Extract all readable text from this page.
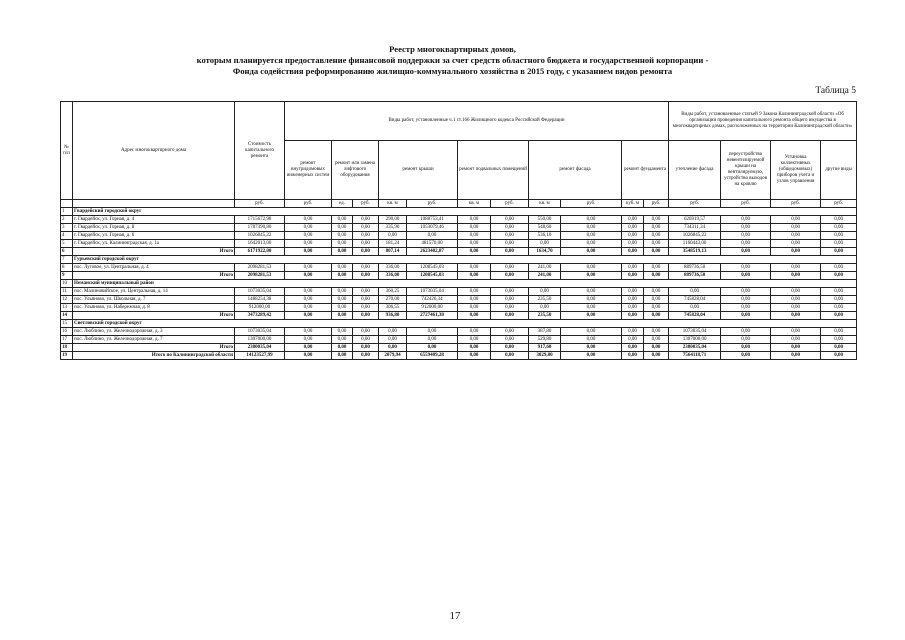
Реестр многоквартирных домов,
которым планируется предоставление финансовой поддержки за счет средств областного бюджета и государственной корпорации -
Фонда содействия реформированию жилищно-коммунального хозяйства в 2015 году, с указанием видов ремонта
Таблица 5
№ п/п	Адрес многоквартирного дома	Стоимость капитального ремонта	Виды работ, установленные ч.1 ст.166 Жилищного кодекса Российской Федерации											Виды работ, установленные статьей 9 Закона Калининградской области «Об организации проведения капитального ремонта общего имущества в многоквартирных домах, расположенных на территории Калининградской области»			
			ремонт внутридомовых инженерных систем	ремонт или замена лифтового оборудования		ремонт крыши		ремонт подвальных помещений		ремонт фасада		ремонт фундамента		утепление фасада	переустройство невентилируемой крыши на вентилируемую, устройство выходов на кровлю	Установка коллективных (общедомовых) приборов учета и узлов управления	другие виды
		руб.	руб.	ед.	руб.	кв. м	руб.	кв. м	руб.	кв. м	руб.	куб. м	руб.	руб.	руб.	руб.	руб.
1	Гвардейский городской округ																
2	г. Гвардейск, ул. Горная, д. 4	1715672,98	0,00	0,00	0,00	290,00	1088753,41	0,00	0,00	550,00	0,00	0,00	0,00	626919,57	0,00	0,00	0,00
3	г. Гвардейск, ул. Горная, д. 8	1787390,80	0,00	0,00	0,00	335,90	1053079,46	0,00	0,00	548,60	0,00	0,00	0,00	734311,34	0,00	0,00	0,00
4	г. Гвардейск, ул. Горная, д. 6	1026845,22	0,00	0,00	0,00	0,00	0,00	0,00	0,00	536,10	0,00	0,00	0,00	1026845,22	0,00	0,00	0,00
5	г. Гвардейск, ул. Калининградская, д. 1а	1642013,00	0,00	0,00	0,00	181,24	481570,00	0,00	0,00	0,00	0,00	0,00	0,00	1160443,00	0,00	0,00	0,00
6	Итого	6171922,00	0,00	0,00	0,00	807,14	2623402,87	0,00	0,00	1634,70	0,00	0,00	0,00	3548519,13	0,00	0,00	0,00
7	Гурьевский городской округ																
8	пос. Луговое, ул. Центральная, д. 4	2098281,53	0,00	0,00	0,00	336,00	1208545,03	0,00	0,00	241,00	0,00	0,00	0,00	889736,50	0,00	0,00	0,00
9	Итого	2098281,53	0,00	0,00	0,00	336,00	1208545,03	0,00	0,00	241,00	0,00	0,00	0,00	889736,50	0,00	0,00	0,00
10	Неманский муниципальный район																
11	пос. Малиновийское, ул. Центральная, д. 14	1073035,04	0,00	0,00	0,00	360,25	1073035,04	0,00	0,00	0,00	0,00	0,00	0,00	0,00	0,00	0,00	0,00
12	пос. Ульяново, ул. Школьная, д. 7	1488254,38	0,00	0,00	0,00	270,00	742426,34	0,00	0,00	235,50	0,00	0,00	0,00	745828,04	0,00	0,00	0,00
13	пос. Ульяново, ул. Набережная, д. 8	912000,00	0,00	0,00	0,00	306,55	912000,00	0,00	0,00	0,00	0,00	0,00	0,00	0,00	0,00	0,00	0,00
14	Итого	3473289,42	0,00	0,00	0,00	936,80	2727461,38	0,00	0,00	235,50	0,00	0,00	0,00	745828,04	0,00	0,00	0,00
15	Светловский городской округ																
16	пос. Люблино, ул. Железнодорожная, д. 3	1073035,04	0,00	0,00	0,00	0,00	0,00	0,00	0,00	387,80	0,00	0,00	0,00	1073035,04	0,00	0,00	0,00
17	пос. Люблино, ул. Железнодорожная, д. 7	1307000,00	0,00	0,00	0,00	0,00	0,00	0,00	0,00	529,80	0,00	0,00	0,00	1307000,00	0,00	0,00	0,00
18	Итого	2380035,04	0,00	0,00	0,00	0,00	0,00	0,00	0,00	917,60	0,00	0,00	0,00	2380035,04	0,00	0,00	0,00
19	Итого по Калининградской области	14123527,99	0,00	0,00	0,00	2079,94	6559409,28	0,00	0,00	3029,80	0,00	0,00	0,00	7564118,71	0,00	0,00	0,00
17
